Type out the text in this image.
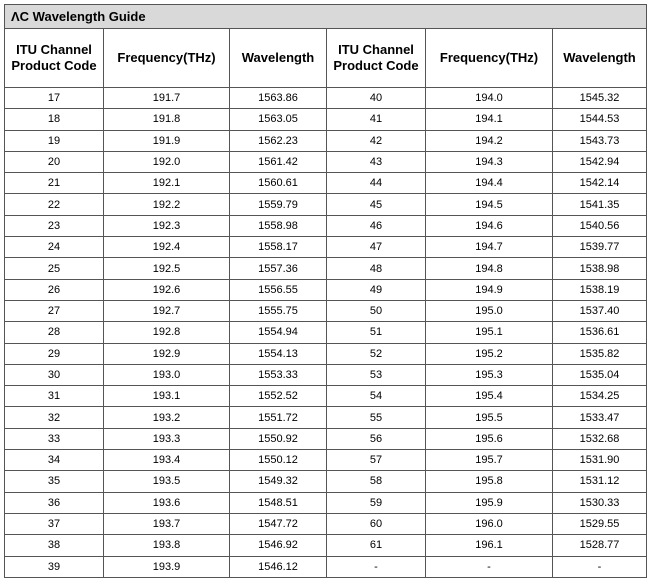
ΛC Wavelength Guide					
ITU Channel Product Code	Frequency(THz)	Wavelength	ITU Channel Product Code	Frequency(THz)	Wavelength
17	191.7	1563.86	40	194.0	1545.32
18	191.8	1563.05	41	194.1	1544.53
19	191.9	1562.23	42	194.2	1543.73
20	192.0	1561.42	43	194.3	1542.94
21	192.1	1560.61	44	194.4	1542.14
22	192.2	1559.79	45	194.5	1541.35
23	192.3	1558.98	46	194.6	1540.56
24	192.4	1558.17	47	194.7	1539.77
25	192.5	1557.36	48	194.8	1538.98
26	192.6	1556.55	49	194.9	1538.19
27	192.7	1555.75	50	195.0	1537.40
28	192.8	1554.94	51	195.1	1536.61
29	192.9	1554.13	52	195.2	1535.82
30	193.0	1553.33	53	195.3	1535.04
31	193.1	1552.52	54	195.4	1534.25
32	193.2	1551.72	55	195.5	1533.47
33	193.3	1550.92	56	195.6	1532.68
34	193.4	1550.12	57	195.7	1531.90
35	193.5	1549.32	58	195.8	1531.12
36	193.6	1548.51	59	195.9	1530.33
37	193.7	1547.72	60	196.0	1529.55
38	193.8	1546.92	61	196.1	1528.77
39	193.9	1546.12	-	-	-
